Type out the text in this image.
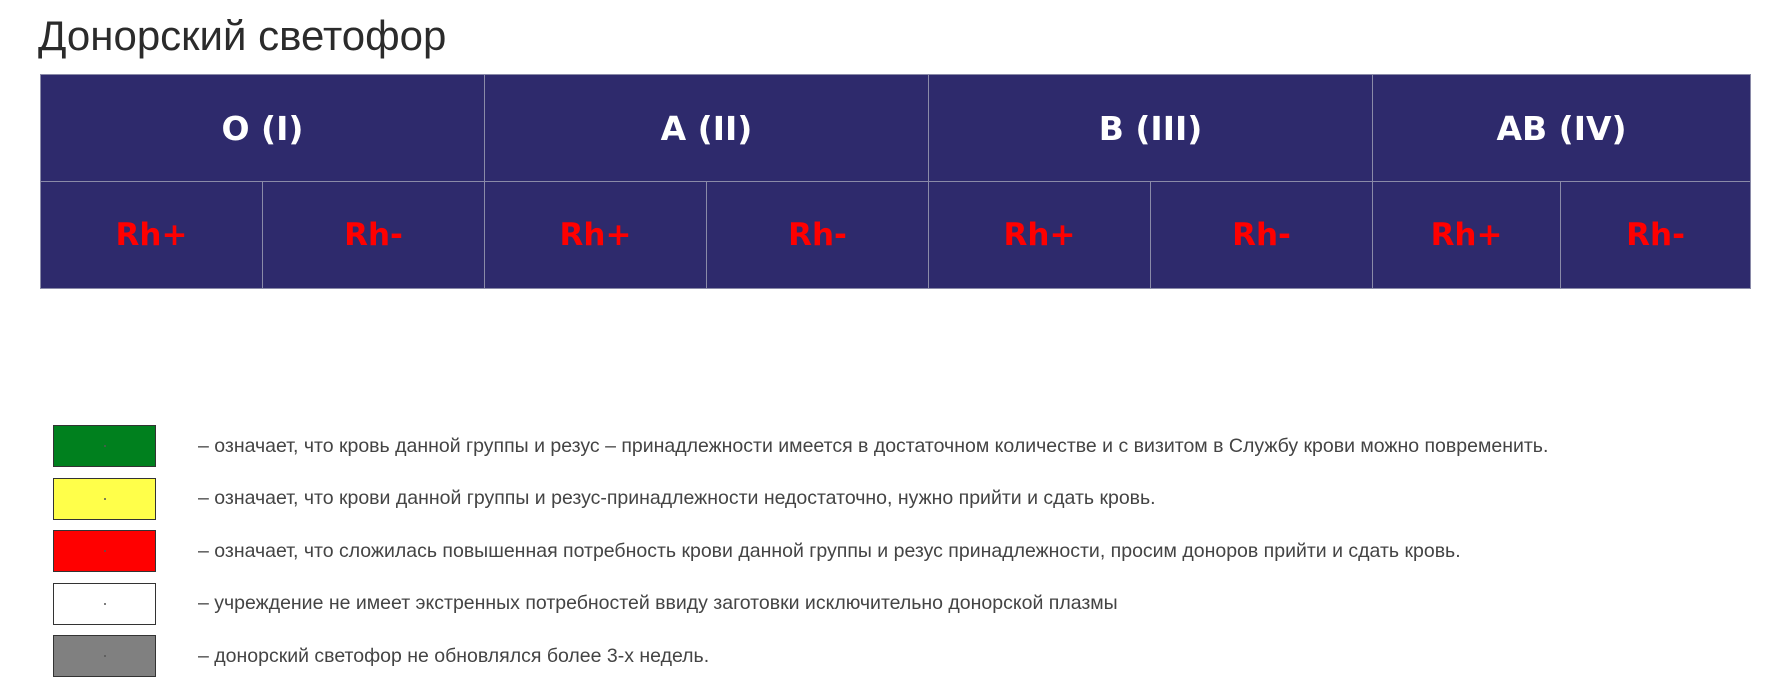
Донорский светофор
O (I)		A (II)		B (III)		AB (IV)	
Rh+	Rh-	Rh+	Rh-	Rh+	Rh-	Rh+	Rh-
– означает, что кровь данной группы и резус – принадлежности имеется в достаточном количестве и с визитом в Службу крови можно повременить.
– означает, что крови данной группы и резус-принадлежности недостаточно, нужно прийти и сдать кровь.
– означает, что сложилась повышенная потребность крови данной группы и резус принадлежности, просим доноров прийти и сдать кровь.
– учреждение не имеет экстренных потребностей ввиду заготовки исключительно донорской плазмы
– донорский светофор не обновлялся более 3-х недель.
